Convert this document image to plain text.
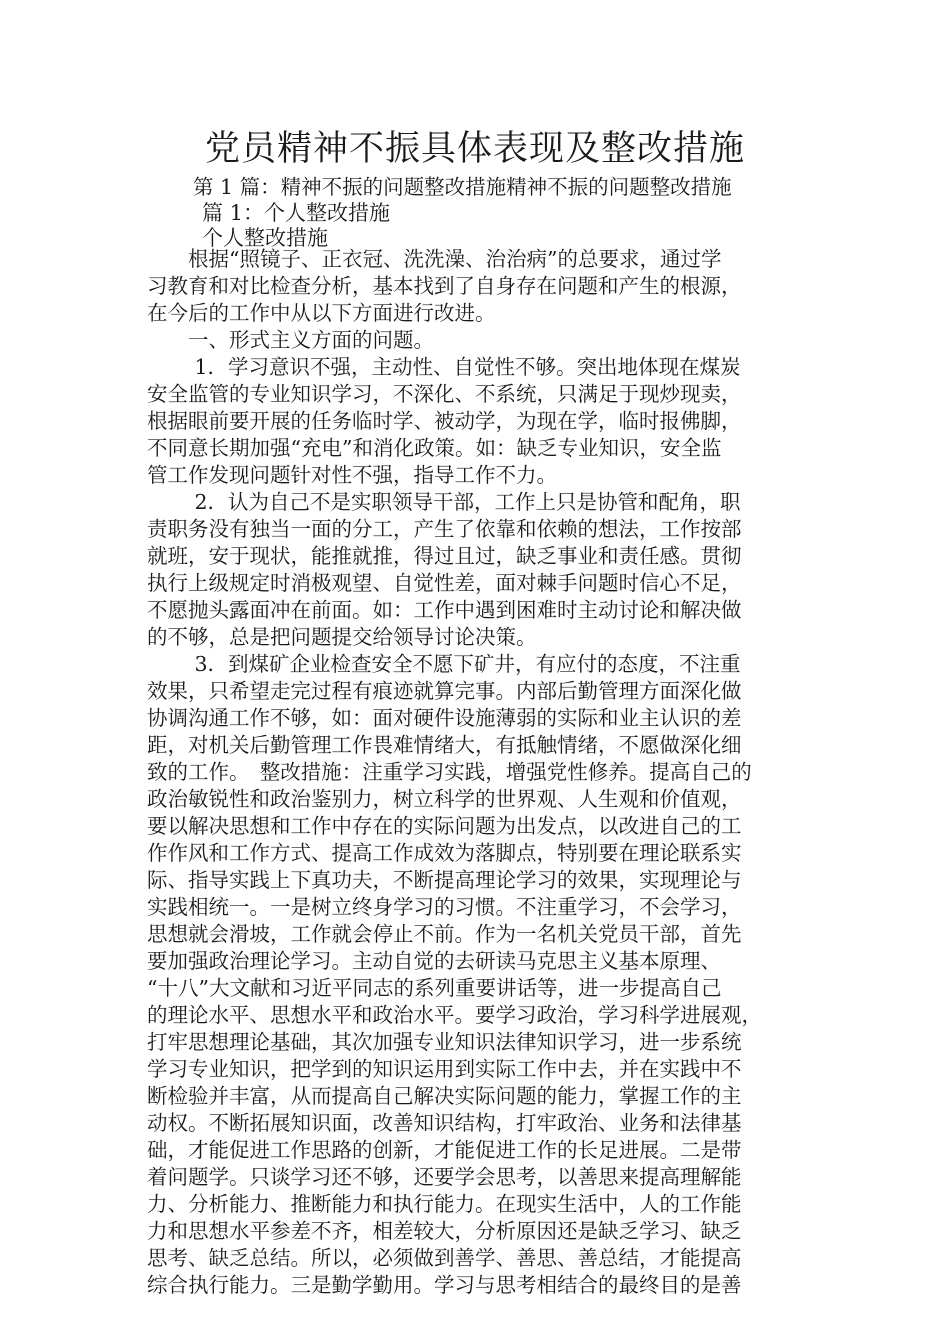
党员精神不振具体表现及整改措施
第 1 篇：精神不振的问题整改措施精神不振的问题整改措施
篇 1：个人整改措施
个人整改措施
　　根据“照镜子、正衣冠、洗洗澡、治治病”的总要求，通过学
习教育和对比检查分析，基本找到了自身存在问题和产生的根源，
在今后的工作中从以下方面进行改进。
　　一、形式主义方面的问题。
　　 1．学习意识不强，主动性、自觉性不够。突出地体现在煤炭
安全监管的专业知识学习，不深化、不系统，只满足于现炒现卖，
根据眼前要开展的任务临时学、被动学，为现在学，临时报佛脚，
不同意长期加强“充电”和消化政策。如：缺乏专业知识，安全监
管工作发现问题针对性不强，指导工作不力。
　　 2．认为自己不是实职领导干部，工作上只是协管和配角，职
责职务没有独当一面的分工，产生了依靠和依赖的想法，工作按部
就班，安于现状，能推就推，得过且过，缺乏事业和责任感。贯彻
执行上级规定时消极观望、自觉性差，面对棘手问题时信心不足，
不愿抛头露面冲在前面。如：工作中遇到困难时主动讨论和解决做
的不够，总是把问题提交给领导讨论决策。
　　 3．到煤矿企业检查安全不愿下矿井，有应付的态度，不注重
效果，只希望走完过程有痕迹就算完事。内部后勤管理方面深化做
协调沟通工作不够，如：面对硬件设施薄弱的实际和业主认识的差
距，对机关后勤管理工作畏难情绪大，有抵触情绪，不愿做深化细
致的工作。　整改措施：注重学习实践，增强党性修养。提高自己的
政治敏锐性和政治鉴别力，树立科学的世界观、人生观和价值观，
要以解决思想和工作中存在的实际问题为出发点，以改进自己的工
作作风和工作方式、提高工作成效为落脚点，特别要在理论联系实
际、指导实践上下真功夫，不断提高理论学习的效果，实现理论与
实践相统一。一是树立终身学习的习惯。不注重学习，不会学习，
思想就会滑坡，工作就会停止不前。作为一名机关党员干部，首先
要加强政治理论学习。主动自觉的去研读马克思主义基本原理、
“十八”大文献和习近平同志的系列重要讲话等，进一步提高自己
的理论水平、思想水平和政治水平。要学习政治，学习科学进展观，
打牢思想理论基础，其次加强专业知识法律知识学习，进一步系统
学习专业知识，把学到的知识运用到实际工作中去，并在实践中不
断检验并丰富，从而提高自己解决实际问题的能力，掌握工作的主
动权。不断拓展知识面，改善知识结构，打牢政治、业务和法律基
础，才能促进工作思路的创新，才能促进工作的长足进展。二是带
着问题学。只谈学习还不够，还要学会思考，以善思来提高理解能
力、分析能力、推断能力和执行能力。在现实生活中，人的工作能
力和思想水平参差不齐，相差较大，分析原因还是缺乏学习、缺乏
思考、缺乏总结。所以，必须做到善学、善思、善总结，才能提高
综合执行能力。三是勤学勤用。学习与思考相结合的最终目的是善
